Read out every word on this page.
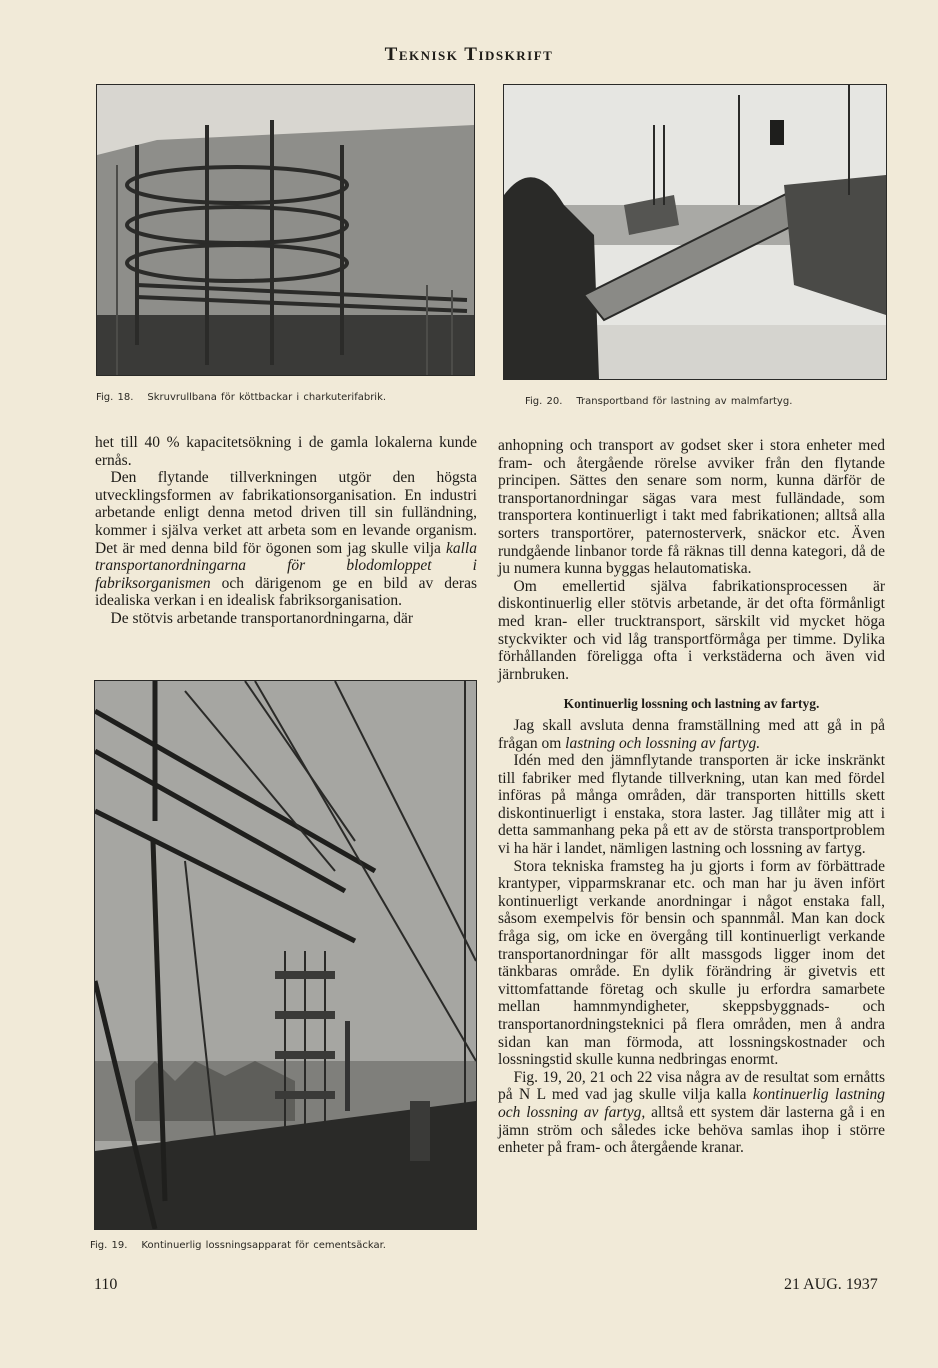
Teknisk Tidskrift
Fig. 18. Skruvrullbana för köttbackar i charkuterifabrik.	Fig. 20. Transportband för lastning av malmfartyg.

het till 40 % kapacitetsökning i de gamla lokalerna kunde ernås.

Den flytande tillverkningen utgör den högsta utvecklingsformen av fabrikationsorganisation. En industri arbetande enligt denna metod driven till sin fulländning, kommer i själva verket att arbeta som en levande organism. Det är med denna bild för ögonen som jag skulle vilja kalla transportanordningarna för blodomloppet i fabriksorganismen och därigenom ge en bild av deras idealiska verkan i en idealisk fabriksorganisation.

De stötvis arbetande transportanordningarna, där

Fig. 19. Kontinuerlig lossningsapparat för cementsäckar.

anhopning och transport av godset sker i stora enheter med fram- och återgående rörelse avviker från den flytande principen. Sättes den senare som norm, kunna därför de transportanordningar sägas vara mest fulländade, som transportera kontinuerligt i takt med fabrikationen; alltså alla sorters transportörer, paternosterverk, snäckor etc. Även rundgående linbanor torde få räknas till denna kategori, då de ju numera kunna byggas helautomatiska.

Om emellertid själva fabrikationsprocessen är diskontinuerlig eller stötvis arbetande, är det ofta förmånligt med kran- eller trucktransport, särskilt vid mycket höga styckvikter och vid låg transportförmåga per timme. Dylika förhållanden föreligga ofta i verkstäderna och även vid järnbruken.

Kontinuerlig lossning och lastning av fartyg.

Jag skall avsluta denna framställning med att gå in på frågan om lastning och lossning av fartyg.

Idén med den jämnflytande transporten är icke inskränkt till fabriker med flytande tillverkning, utan kan med fördel införas på många områden, där transporten hittills skett diskontinuerligt i enstaka, stora laster. Jag tillåter mig att i detta sammanhang peka på ett av de största transportproblem vi ha här i landet, nämligen lastning och lossning av fartyg.

Stora tekniska framsteg ha ju gjorts i form av förbättrade krantyper, vipparmskranar etc. och man har ju även infört kontinuerligt verkande anordningar i något enstaka fall, såsom exempelvis för bensin och spannmål. Man kan dock fråga sig, om icke en övergång till kontinuerligt verkande transportanordningar för allt massgods ligger inom det tänkbaras område. En dylik förändring är givetvis ett vittomfattande företag och skulle ju erfordra samarbete mellan hamnmyndigheter, skeppsbyggnads- och transportanordningsteknici på flera områden, men å andra sidan kan man förmoda, att lossningskostnader och lossningstid skulle kunna nedbringas enormt.

Fig. 19, 20, 21 och 22 visa några av de resultat som ernåtts på N L med vad jag skulle vilja kalla kontinuerlig lastning och lossning av fartyg, alltså ett system där lasterna gå i en jämn ström och således icke behöva samlas ihop i större enheter på fram- och återgående kranar.

110	21 AUG. 1937
